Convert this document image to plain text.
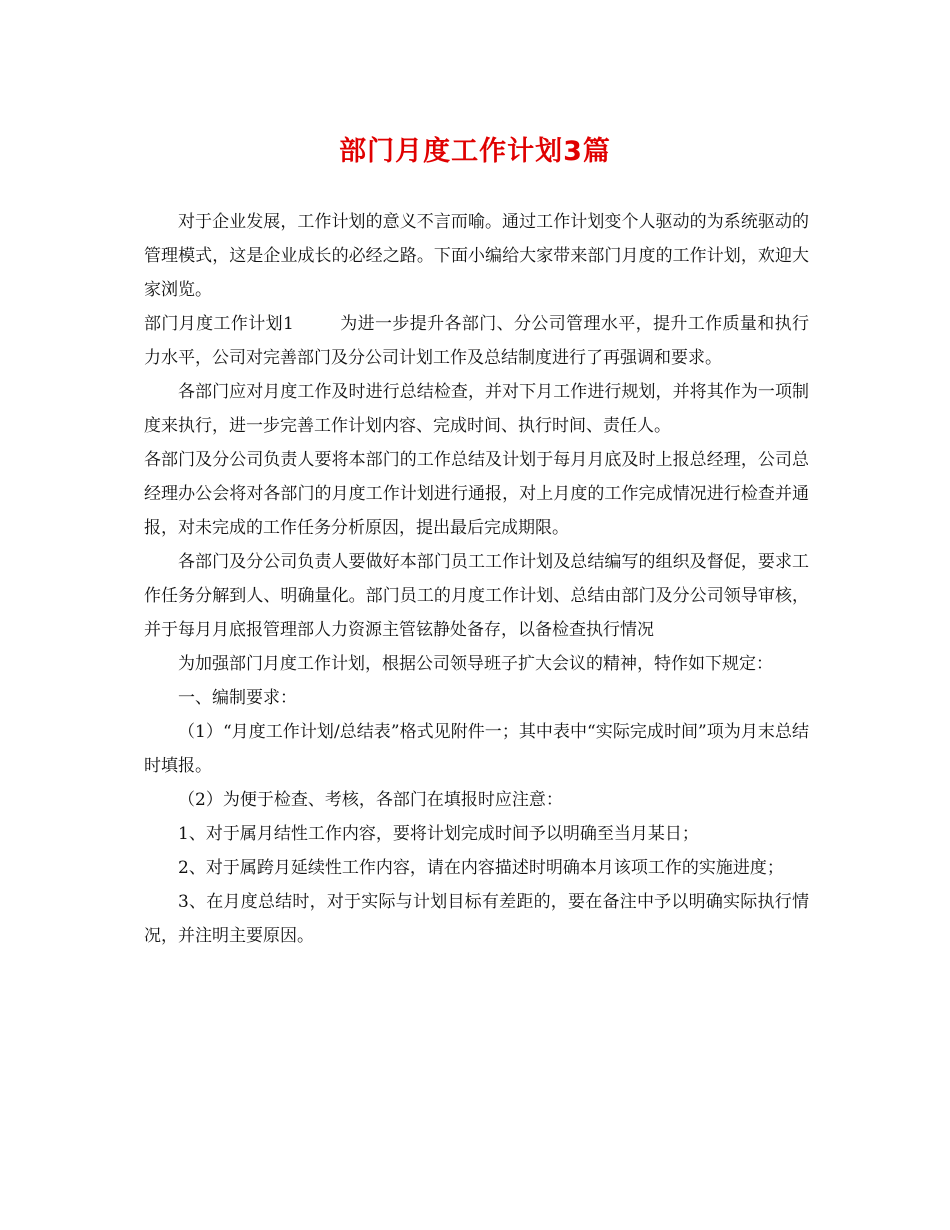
部门月度工作计划3篇

对于企业发展，工作计划的意义不言而喻。通过工作计划变个人驱动的为系统驱动的管理模式，这是企业成长的必经之路。下面小编给大家带来部门月度的工作计划，欢迎大家浏览。

部门月度工作计划1	为进一步提升各部门、分公司管理水平，提升工作质量和执行力水平，公司对完善部门及分公司计划工作及总结制度进行了再强调和要求。

各部门应对月度工作及时进行总结检查，并对下月工作进行规划，并将其作为一项制度来执行，进一步完善工作计划内容、完成时间、执行时间、责任人。

各部门及分公司负责人要将本部门的工作总结及计划于每月月底及时上报总经理，公司总经理办公会将对各部门的月度工作计划进行通报，对上月度的工作完成情况进行检查并通报，对未完成的工作任务分析原因，提出最后完成期限。

各部门及分公司负责人要做好本部门员工工作计划及总结编写的组织及督促，要求工作任务分解到人、明确量化。部门员工的月度工作计划、总结由部门及分公司领导审核，并于每月月底报管理部人力资源主管铉静处备存，以备检查执行情况

为加强部门月度工作计划，根据公司领导班子扩大会议的精神，特作如下规定：

一、编制要求：

（1）“月度工作计划/总结表”格式见附件一；其中表中“实际完成时间”项为月末总结时填报。

（2）为便于检查、考核，各部门在填报时应注意：

1、对于属月结性工作内容，要将计划完成时间予以明确至当月某日；

2、对于属跨月延续性工作内容，请在内容描述时明确本月该项工作的实施进度；

3、在月度总结时，对于实际与计划目标有差距的，要在备注中予以明确实际执行情况，并注明主要原因。
